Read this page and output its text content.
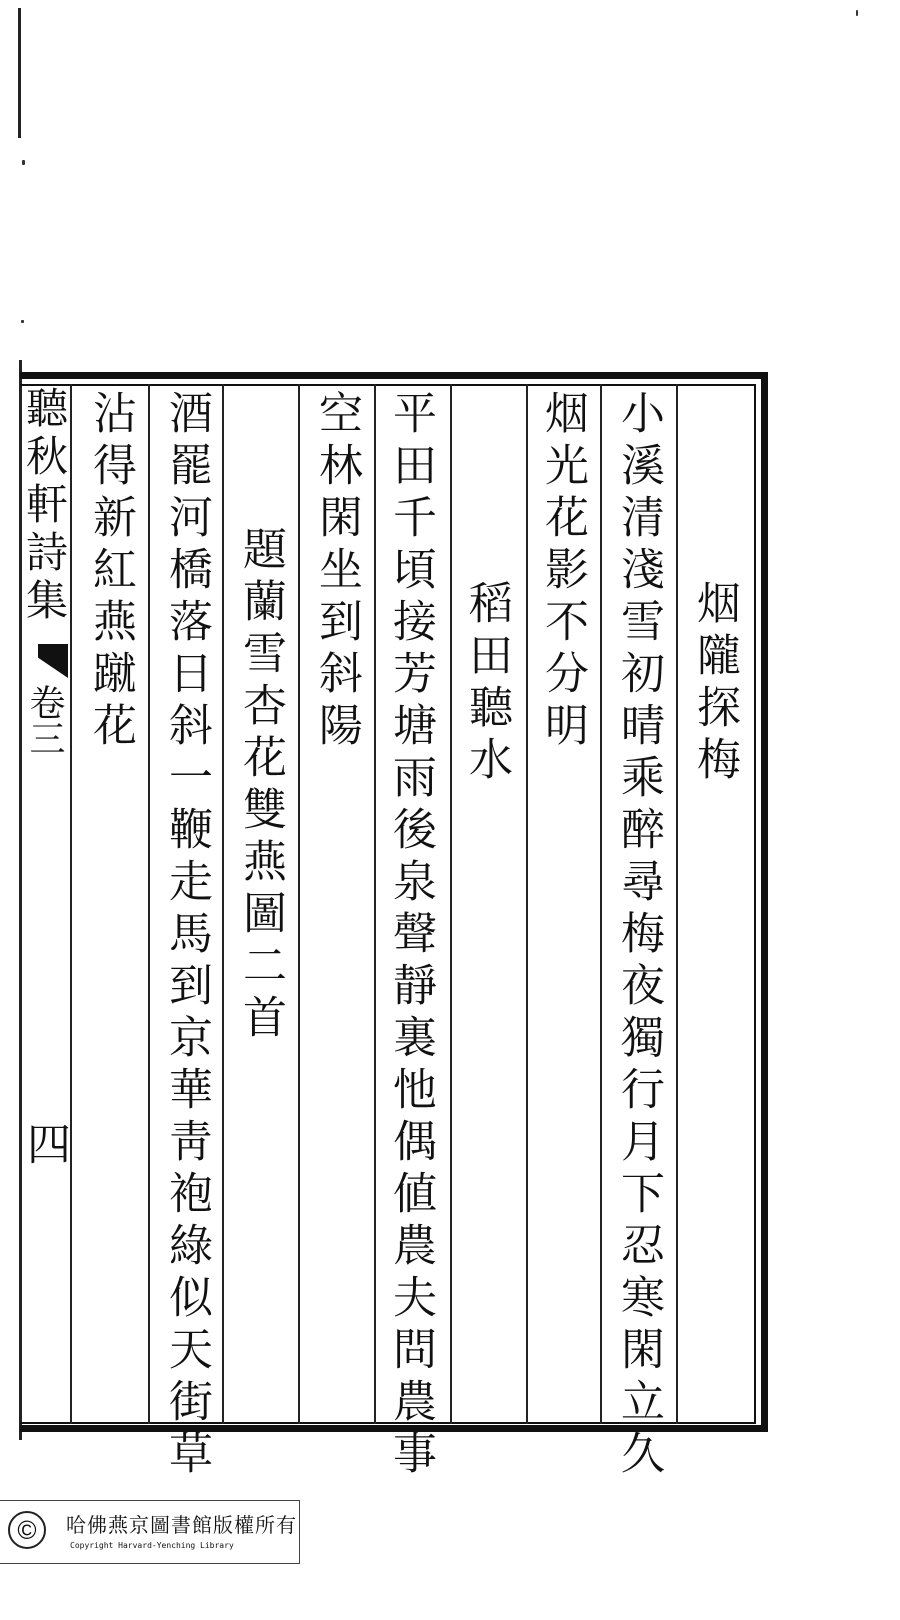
聽秋軒詩集
卷三
四
烟隴探梅
小溪清淺雪初晴乘醉尋梅夜獨行月下忍寒閑立久
烟光花影不分明
稻田聽水
平田千頃接芳塘雨後泉聲靜裏忚偶値農夫問農事
空林閑坐到斜陽
題蘭雪杏花雙燕圖二首
酒罷河橋落日斜一鞭走馬到京華靑袍綠似天街草
沾得新紅燕蹴花
©	哈佛燕京圖書館版權所有
Copyright Harvard-Yenching Library
